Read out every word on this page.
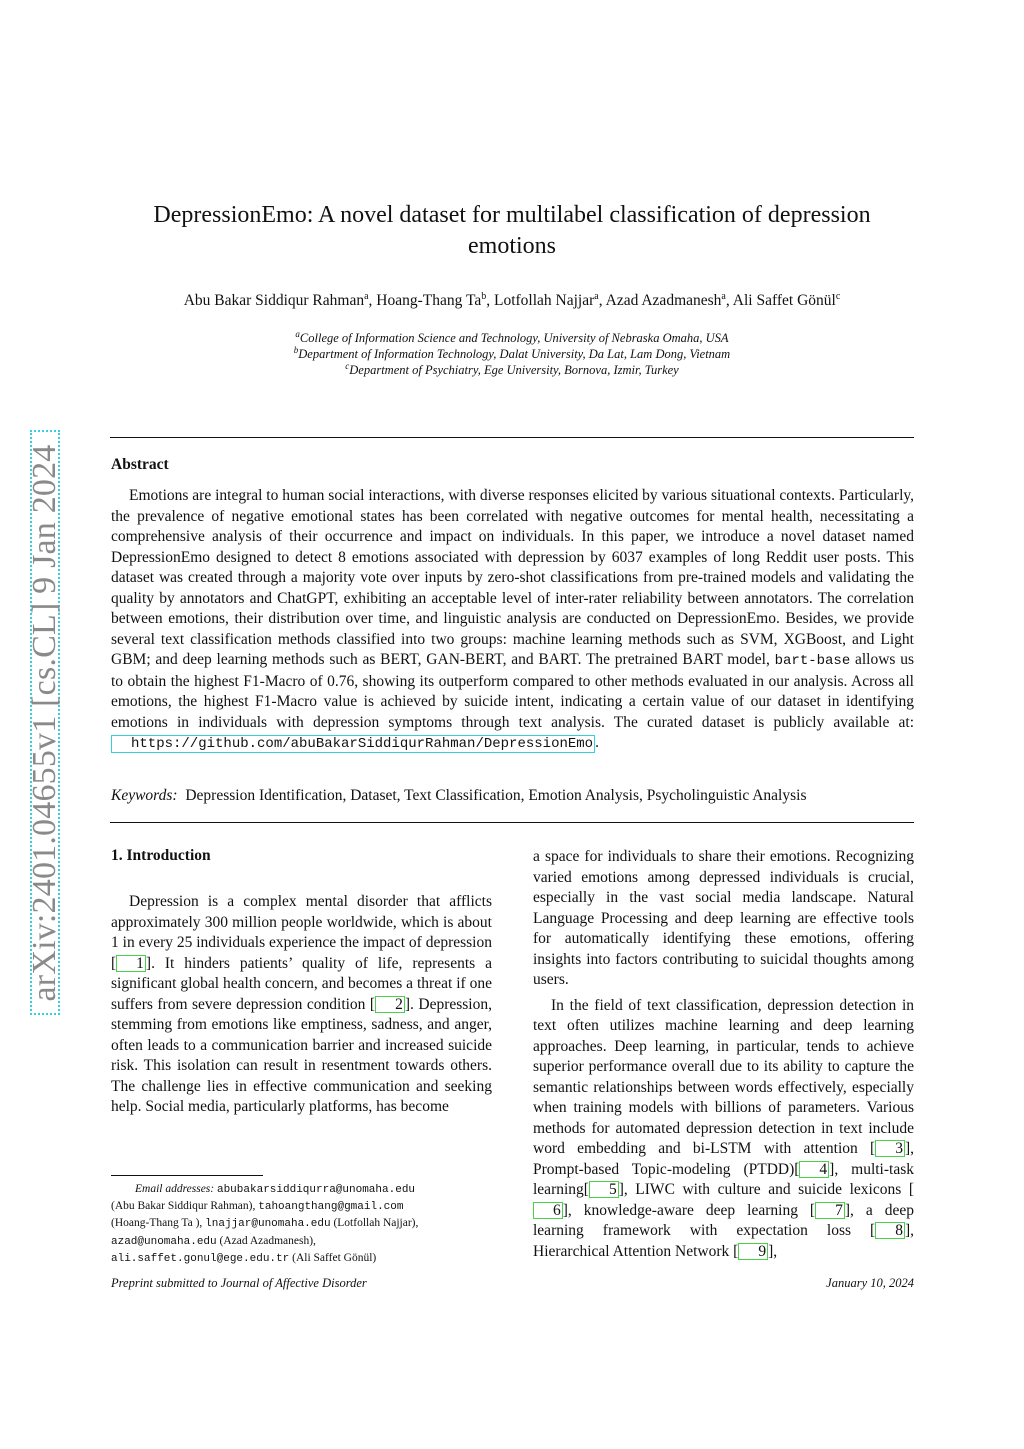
arXiv:2401.04655v1 [cs.CL] 9 Jan 2024
DepressionEmo: A novel dataset for multilabel classification of depression
emotions
Abu Bakar Siddiqur Rahman$^a$, Hoang-Thang Ta$^b$, Lotfollah Najjar$^a$, Azad Azadmanesh$^a$, Ali Saffet Gönül$^c$
$^a$College of Information Science and Technology, University of Nebraska Omaha, USA
$^b$Department of Information Technology, Dalat University, Da Lat, Lam Dong, Vietnam
$^c$Department of Psychiatry, Ege University, Bornova, Izmir, Turkey
Abstract

Emotions are integral to human social interactions, with diverse responses elicited by various situational contexts. Particularly, the prevalence of negative emotional states has been correlated with negative outcomes for mental health, necessitating a comprehensive analysis of their occurrence and impact on individuals. In this paper, we introduce a novel dataset named DepressionEmo designed to detect 8 emotions associated with depression by 6037 examples of long Reddit user posts. This dataset was created through a majority vote over inputs by zero-shot classifications from pre-trained models and validating the quality by annotators and ChatGPT, exhibiting an acceptable level of inter-rater reliability between annotators. The correlation between emotions, their distribution over time, and linguistic analysis are conducted on DepressionEmo. Besides, we provide several text classification methods classified into two groups: machine learning methods such as SVM, XGBoost, and Light GBM; and deep learning methods such as BERT, GAN-BERT, and BART. The pretrained BART model, bart-base allows us to obtain the highest F1-Macro of 0.76, showing its outperform compared to other methods evaluated in our analysis. Across all emotions, the highest F1-Macro value is achieved by suicide intent, indicating a certain value of our dataset in identifying emotions in individuals with depression symptoms through text analysis. The curated dataset is publicly available at: https://github.com/abuBakarSiddiqurRahman/DepressionEmo .

Keywords: Depression Identification, Dataset, Text Classification, Emotion Analysis, Psycholinguistic Analysis
1. Introduction

Depression is a complex mental disorder that afflicts approximately 300 million people worldwide, which is about 1 in every 25 individuals experience the impact of depression [ 1 ]. It hinders patients’ quality of life, represents a significant global health concern, and becomes a threat if one suffers from severe depression condition [ 2 ]. Depression, stemming from emotions like emptiness, sadness, and anger, often leads to a communication barrier and increased suicide risk. This isolation can result in resentment towards others. The challenge lies in effective communication and seeking help. Social media, particularly platforms, has become

a space for individuals to share their emotions. Recognizing varied emotions among depressed individuals is crucial, especially in the vast social media landscape. Natural Language Processing and deep learning are effective tools for automatically identifying these emotions, offering insights into factors contributing to suicidal thoughts among users.

In the field of text classification, depression detection in text often utilizes machine learning and deep learning approaches. Deep learning, in particular, tends to achieve superior performance overall due to its ability to capture the semantic relationships between words effectively, especially when training models with billions of parameters. Various methods for automated depression detection in text include word embedding and bi-LSTM with attention [ 3 ], Prompt-based Topic-modeling (PTDD)[ 4 ], multi-task learning[ 5 ], LIWC with culture and suicide lexicons [6 ], knowledge-aware deep learning [ 7 ], a deep learning framework with expectation loss [ 8 ], Hierarchical Attention Network [ 9 ],

Email addresses: abubakarsiddiqurra@unomaha.edu
(Abu Bakar Siddiqur Rahman), tahoangthang@gmail.com
(Hoang-Thang Ta ), lnajjar@unomaha.edu (Lotfollah Najjar),
azad@unomaha.edu (Azad Azadmanesh),
ali.saffet.gonul@ege.edu.tr (Ali Saffet Gönül)
Preprint submitted to Journal of Affective Disorder	January 10, 2024
